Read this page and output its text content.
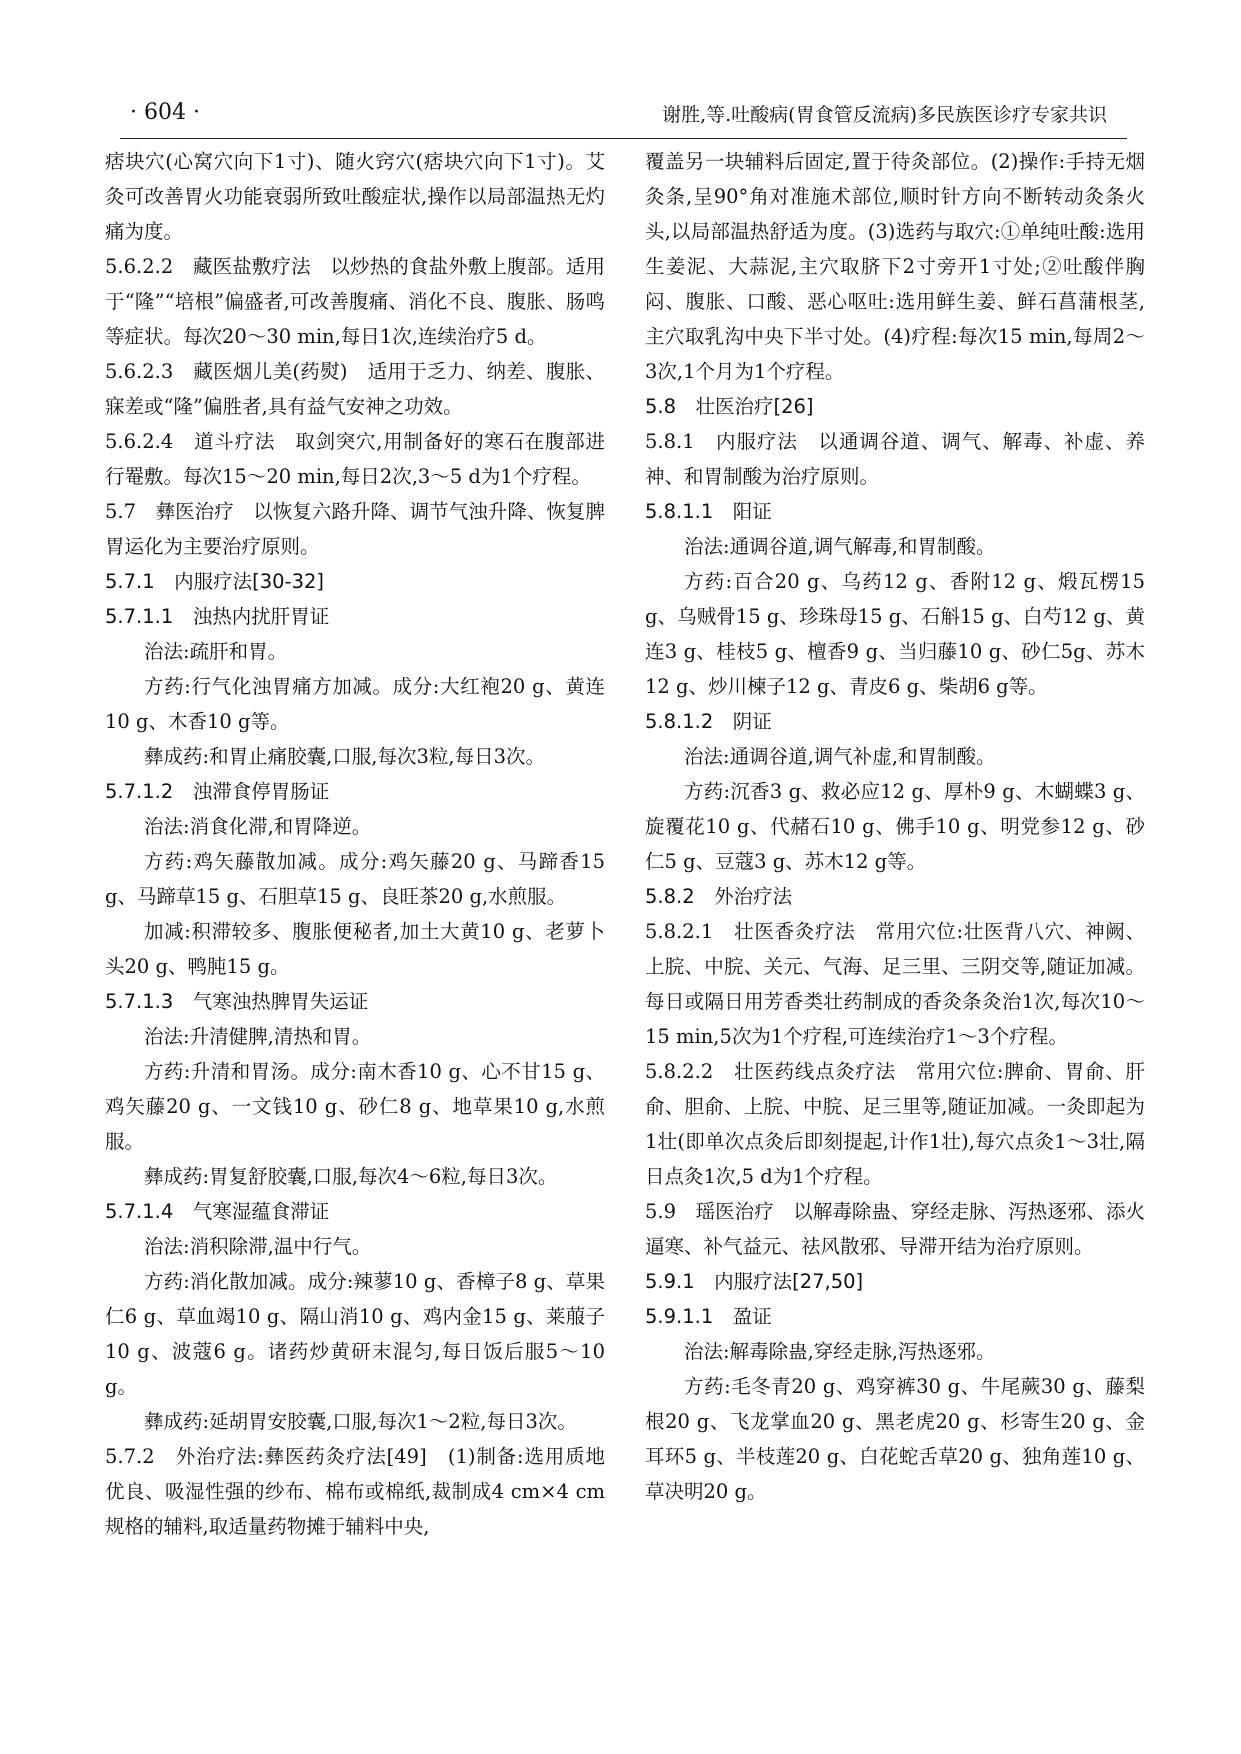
· 604 ·	谢胜,等.吐酸病(胃食管反流病)多民族医诊疗专家共识

痞块穴(心窝穴向下1寸)、随火窍穴(痞块穴向下1寸)。艾灸可改善胃火功能衰弱所致吐酸症状,操作以局部温热无灼痛为度。

5.6.2.2　藏医盐敷疗法　以炒热的食盐外敷上腹部。适用于“隆”“培根”偏盛者,可改善腹痛、消化不良、腹胀、肠鸣等症状。每次20～30 min,每日1次,连续治疗5 d。

5.6.2.3　藏医烟儿美(药熨)　适用于乏力、纳差、腹胀、寐差或“隆”偏胜者,具有益气安神之功效。

5.6.2.4　道斗疗法　取剑突穴,用制备好的寒石在腹部进行罨敷。每次15～20 min,每日2次,3～5 d为1个疗程。

5.7　彝医治疗　以恢复六路升降、调节气浊升降、恢复脾胃运化为主要治疗原则。

5.7.1　内服疗法[30-32]

5.7.1.1　浊热内扰肝胃证

治法:疏肝和胃。

方药:行气化浊胃痛方加减。成分:大红袍20 g、黄连10 g、木香10 g等。

彝成药:和胃止痛胶囊,口服,每次3粒,每日3次。

5.7.1.2　浊滞食停胃肠证

治法:消食化滞,和胃降逆。

方药:鸡矢藤散加减。成分:鸡矢藤20 g、马蹄香15 g、马蹄草15 g、石胆草15 g、良旺茶20 g,水煎服。

加减:积滞较多、腹胀便秘者,加土大黄10 g、老萝卜头20 g、鸭肫15 g。

5.7.1.3　气寒浊热脾胃失运证

治法:升清健脾,清热和胃。

方药:升清和胃汤。成分:南木香10 g、心不甘15 g、鸡矢藤20 g、一文钱10 g、砂仁8 g、地草果10 g,水煎服。

彝成药:胃复舒胶囊,口服,每次4～6粒,每日3次。

5.7.1.4　气寒湿蕴食滞证

治法:消积除滞,温中行气。

方药:消化散加减。成分:辣蓼10 g、香樟子8 g、草果仁6 g、草血竭10 g、隔山消10 g、鸡内金15 g、莱菔子10 g、波蔻6 g。诸药炒黄研末混匀,每日饭后服5～10 g。

彝成药:延胡胃安胶囊,口服,每次1～2粒,每日3次。

5.7.2　外治疗法:彝医药灸疗法[49]　(1)制备:选用质地优良、吸湿性强的纱布、棉布或棉纸,裁制成4 cm×4 cm规格的辅料,取适量药物摊于辅料中央,

覆盖另一块辅料后固定,置于待灸部位。(2)操作:手持无烟灸条,呈90°角对准施术部位,顺时针方向不断转动灸条火头,以局部温热舒适为度。(3)选药与取穴:①单纯吐酸:选用生姜泥、大蒜泥,主穴取脐下2寸旁开1寸处;②吐酸伴胸闷、腹胀、口酸、恶心呕吐:选用鲜生姜、鲜石菖蒲根茎,主穴取乳沟中央下半寸处。(4)疗程:每次15 min,每周2～3次,1个月为1个疗程。

5.8　壮医治疗[26]

5.8.1　内服疗法　以通调谷道、调气、解毒、补虚、养神、和胃制酸为治疗原则。

5.8.1.1　阳证

治法:通调谷道,调气解毒,和胃制酸。

方药:百合20 g、乌药12 g、香附12 g、煅瓦楞15 g、乌贼骨15 g、珍珠母15 g、石斛15 g、白芍12 g、黄连3 g、桂枝5 g、檀香9 g、当归藤10 g、砂仁5g、苏木12 g、炒川楝子12 g、青皮6 g、柴胡6 g等。

5.8.1.2　阴证

治法:通调谷道,调气补虚,和胃制酸。

方药:沉香3 g、救必应12 g、厚朴9 g、木蝴蝶3 g、旋覆花10 g、代赭石10 g、佛手10 g、明党参12 g、砂仁5 g、豆蔻3 g、苏木12 g等。

5.8.2　外治疗法

5.8.2.1　壮医香灸疗法　常用穴位:壮医背八穴、神阙、上脘、中脘、关元、气海、足三里、三阴交等,随证加减。每日或隔日用芳香类壮药制成的香灸条灸治1次,每次10～15 min,5次为1个疗程,可连续治疗1～3个疗程。

5.8.2.2　壮医药线点灸疗法　常用穴位:脾俞、胃俞、肝俞、胆俞、上脘、中脘、足三里等,随证加减。一灸即起为1壮(即单次点灸后即刻提起,计作1壮),每穴点灸1～3壮,隔日点灸1次,5 d为1个疗程。

5.9　瑶医治疗　以解毒除蛊、穿经走脉、泻热逐邪、添火逼寒、补气益元、祛风散邪、导滞开结为治疗原则。

5.9.1　内服疗法[27,50]

5.9.1.1　盈证

治法:解毒除蛊,穿经走脉,泻热逐邪。

方药:毛冬青20 g、鸡穿裤30 g、牛尾蕨30 g、藤梨根20 g、飞龙掌血20 g、黑老虎20 g、杉寄生20 g、金耳环5 g、半枝莲20 g、白花蛇舌草20 g、独角莲10 g、草决明20 g。
